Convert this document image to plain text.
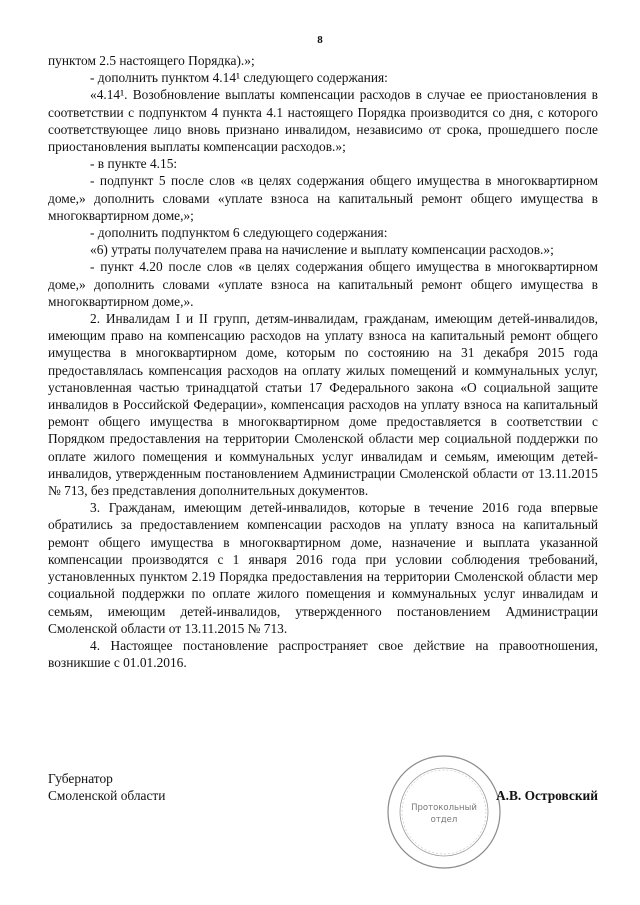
8

пунктом 2.5 настоящего Порядка).»;

- дополнить пунктом 4.14¹ следующего содержания:

«4.14¹. Возобновление выплаты компенсации расходов в случае ее приостановления в соответствии с подпунктом 4 пункта 4.1 настоящего Порядка производится со дня, с которого соответствующее лицо вновь признано инвалидом, независимо от срока, прошедшего после приостановления выплаты компенсации расходов.»;

- в пункте 4.15:

- подпункт 5 после слов «в целях содержания общего имущества в многоквартирном доме,» дополнить словами «уплате взноса на капитальный ремонт общего имущества в многоквартирном доме,»;

- дополнить подпунктом 6 следующего содержания:

«6) утраты получателем права на начисление и выплату компенсации расходов.»;

- пункт 4.20 после слов «в целях содержания общего имущества в многоквартирном доме,» дополнить словами «уплате взноса на капитальный ремонт общего имущества в многоквартирном доме,».

2. Инвалидам I и II групп, детям-инвалидам, гражданам, имеющим детей-инвалидов, имеющим право на компенсацию расходов на уплату взноса на капитальный ремонт общего имущества в многоквартирном доме, которым по состоянию на 31 декабря 2015 года предоставлялась компенсация расходов на оплату жилых помещений и коммунальных услуг, установленная частью тринадцатой статьи 17 Федерального закона «О социальной защите инвалидов в Российской Федерации», компенсация расходов на уплату взноса на капитальный ремонт общего имущества в многоквартирном доме предоставляется в соответствии с Порядком предоставления на территории Смоленской области мер социальной поддержки по оплате жилого помещения и коммунальных услуг инвалидам и семьям, имеющим детей-инвалидов, утвержденным постановлением Администрации Смоленской области от 13.11.2015 № 713, без представления дополнительных документов.

3. Гражданам, имеющим детей-инвалидов, которые в течение 2016 года впервые обратились за предоставлением компенсации расходов на уплату взноса на капитальный ремонт общего имущества в многоквартирном доме, назначение и выплата указанной компенсации производятся с 1 января 2016 года при условии соблюдения требований, установленных пунктом 2.19 Порядка предоставления на территории Смоленской области мер социальной поддержки по оплате жилого помещения и коммунальных услуг инвалидам и семьям, имеющим детей-инвалидов, утвержденного постановлением Администрации Смоленской области от 13.11.2015 № 713.

4. Настоящее постановление распространяет свое действие на правоотношения, возникшие с 01.01.2016.

Протокольный
отдел
Губернатор
Смоленской области	А.В. Островский
